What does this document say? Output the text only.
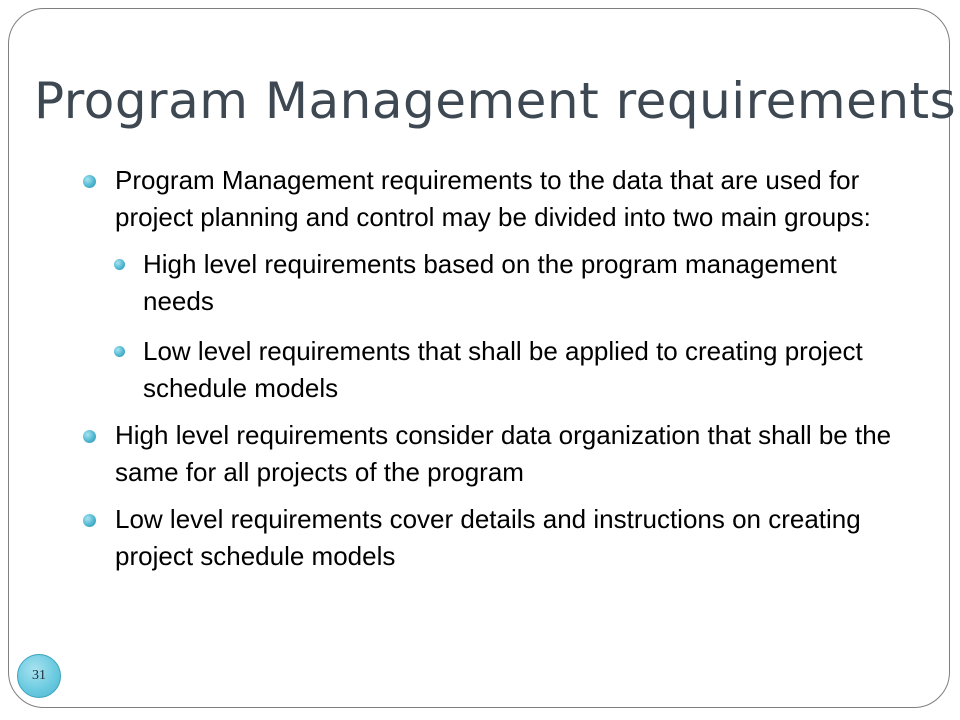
Program Management requirements
Program Management requirements to the data that are used for project planning and control may be divided into two main groups:
High level requirements based on the program management needs
Low level requirements that shall be applied to creating project schedule models
High level requirements consider data organization that shall be the same for all projects of the program
Low level requirements cover details and instructions on creating project schedule models
31
